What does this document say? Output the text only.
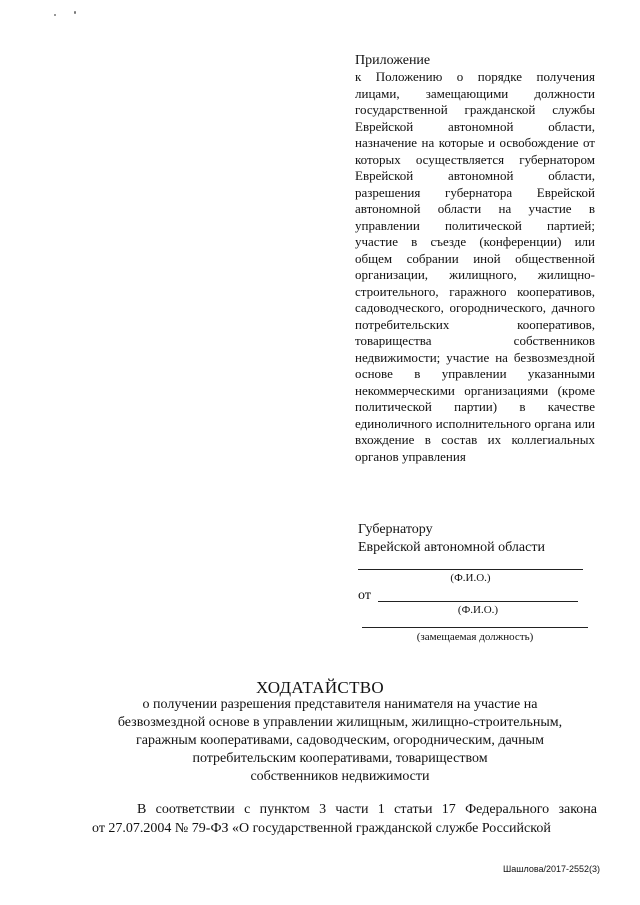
Приложение

к Положению о порядке получения лицами, замещающими должности государственной гражданской службы Еврейской автономной области, назначение на которые и освобождение от которых осуществляется губернатором Еврейской автономной области, разрешения губернатора Еврейской автономной области на участие в управлении политической партией; участие в съезде (конференции) или общем собрании иной общественной организации, жилищного, жилищно-строительного, гаражного кооперативов, садоводческого, огороднического, дачного потребительских кооперативов, товарищества собственников недвижимости; участие на безвозмездной основе в управлении указанными некоммерческими организациями (кроме политической партии) в качестве единоличного исполнительного органа или вхождение в состав их коллегиальных органов управления

Губернатору
Еврейской автономной области
(Ф.И.О.)
от
(Ф.И.О.)
(замещаемая должность)
ХОДАТАЙСТВО
о получении разрешения представителя нанимателя на участие на
безвозмездной основе в управлении жилищным, жилищно-строительным,
гаражным кооперативами, садоводческим, огородническим, дачным
потребительским кооперативами, товариществом
собственников недвижимости
В соответствии с пунктом 3 части 1 статьи 17 Федерального закона
от 27.07.2004 № 79-ФЗ «О государственной гражданской службе Российской
Шашлова/2017-2552(3)
